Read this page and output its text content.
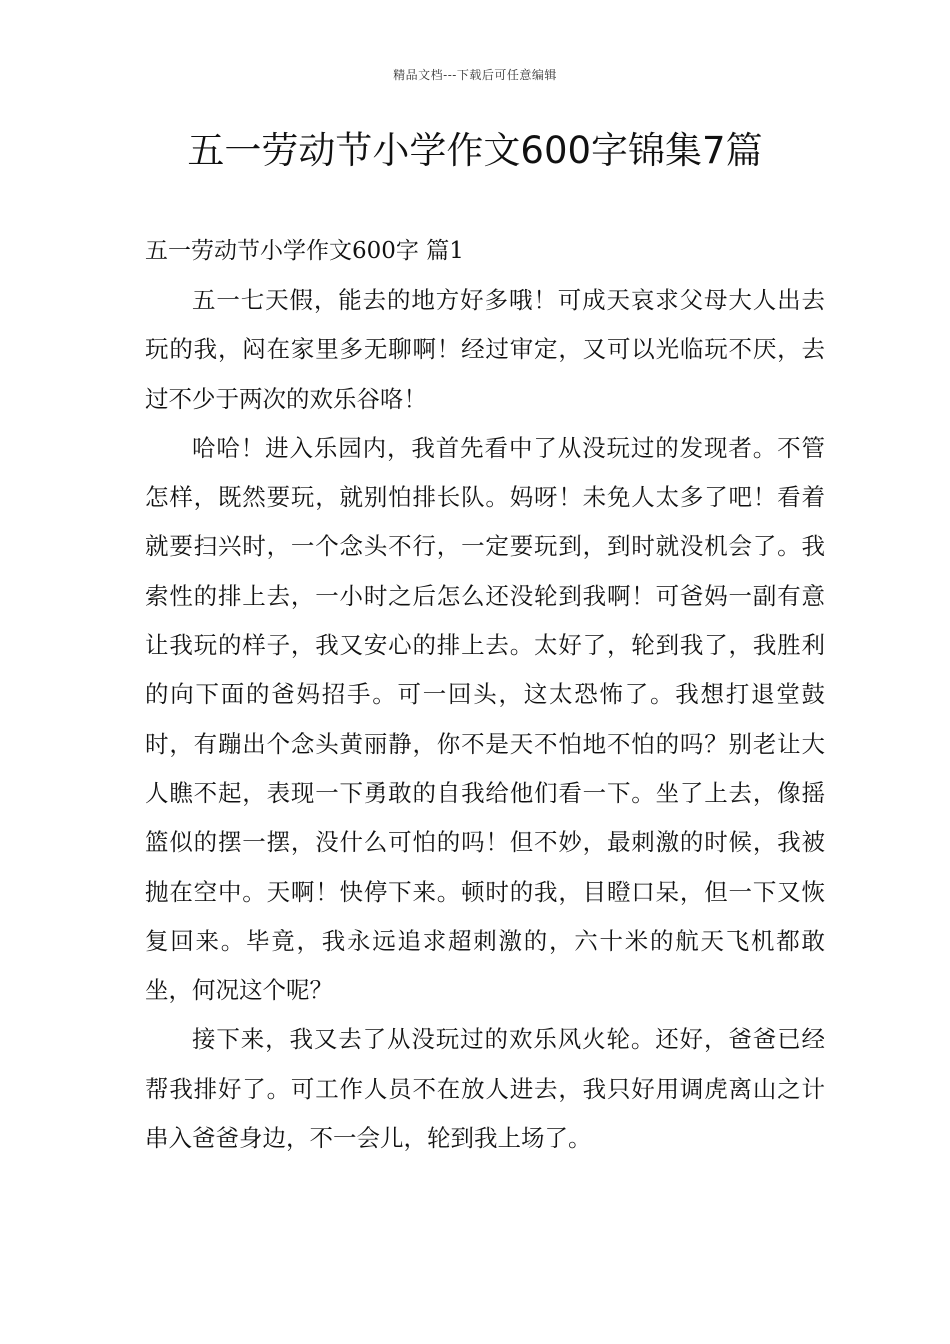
精品文档---下载后可任意编辑
五一劳动节小学作文600字锦集7篇
五一劳动节小学作文600字 篇1

五一七天假，能去的地方好多哦！可成天哀求父母大人出去玩的我，闷在家里多无聊啊！经过审定，又可以光临玩不厌，去过不少于两次的欢乐谷咯！

哈哈！进入乐园内，我首先看中了从没玩过的发现者。不管怎样，既然要玩，就别怕排长队。妈呀！未免人太多了吧！看着就要扫兴时，一个念头不行，一定要玩到，到时就没机会了。我索性的排上去，一小时之后怎么还没轮到我啊！可爸妈一副有意让我玩的样子，我又安心的排上去。太好了，轮到我了，我胜利的向下面的爸妈招手。可一回头，这太恐怖了。我想打退堂鼓时，有蹦出个念头黄丽静，你不是天不怕地不怕的吗？别老让大人瞧不起，表现一下勇敢的自我给他们看一下。坐了上去，像摇篮似的摆一摆，没什么可怕的吗！但不妙，最刺激的时候，我被抛在空中。天啊！快停下来。顿时的我，目瞪口呆，但一下又恢复回来。毕竟，我永远追求超刺激的，六十米的航天飞机都敢坐，何况这个呢？

接下来，我又去了从没玩过的欢乐风火轮。还好，爸爸已经帮我排好了。可工作人员不在放人进去，我只好用调虎离山之计串入爸爸身边，不一会儿，轮到我上场了。
